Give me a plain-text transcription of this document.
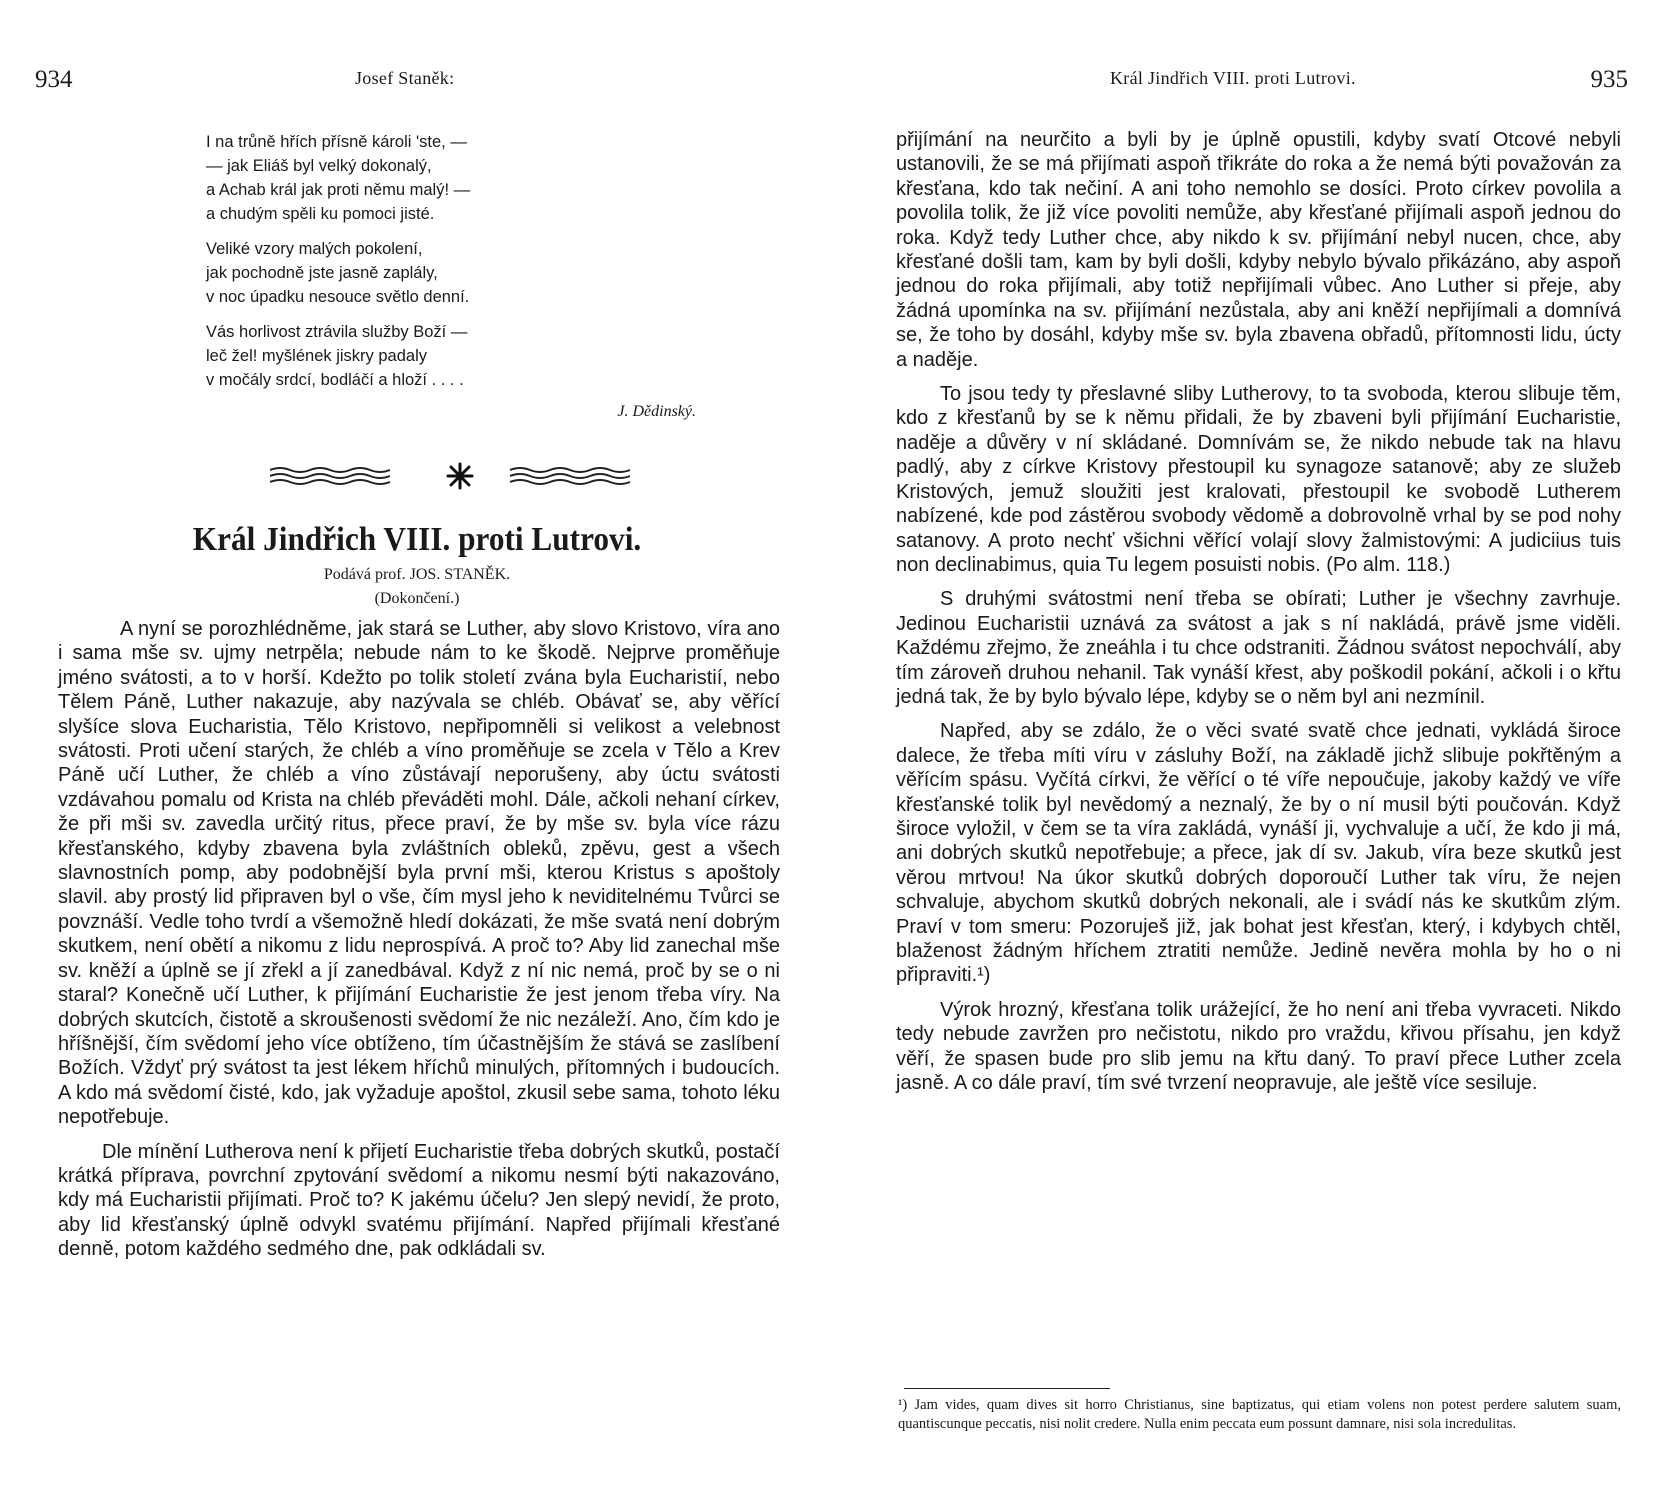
934	Josef Staněk:
I na trůně hřích přísně károli 'ste, —
— jak Eliáš byl velký dokonalý,
a Achab král jak proti němu malý! —
a chudým spěli ku pomoci jisté.
Veliké vzory malých pokolení,
jak pochodně jste jasně zaplály,
v noc úpadku nesouce světlo denní.
Vás horlivost ztrávila služby Boží —
leč žel! myšlének jiskry padaly
v močály srdcí, bodláčí a hloží . . . .
J. Dědinský.
Král Jindřich VIII. proti Lutrovi.
Podává prof. JOS. STANĚK.
(Dokončení.)

A nyní se porozhlédněme, jak stará se Luther, aby slovo Kristovo, víra ano i sama mše sv. ujmy netrpěla; nebude nám to ke škodě. Nejprve proměňuje jméno svátosti, a to v horší. Kdežto po tolik století zvána byla Eucharistií, nebo Tělem Páně, Luther nakazuje, aby nazývala se chléb. Obávať se, aby věřící slyšíce slova Eucharistia, Tělo Kristovo, nepřipomněli si velikost a velebnost svátosti. Proti učení starých, že chléb a víno proměňuje se zcela v Tělo a Krev Páně učí Luther, že chléb a víno zůstávají neporušeny, aby úctu svátosti vzdávahou pomalu od Krista na chléb převáděti mohl. Dále, ačkoli nehaní církev, že při mši sv. zavedla určitý ritus, přece praví, že by mše sv. byla více rázu křesťanského, kdyby zbavena byla zvláštních obleků, zpěvu, gest a všech slavnostních pomp, aby podobnější byla první mši, kterou Kristus s apoštoly slavil. aby prostý lid připraven byl o vše, čím mysl jeho k neviditelnému Tvůrci se povznáší. Vedle toho tvrdí a všemožně hledí dokázati, že mše svatá není dobrým skutkem, není obětí a nikomu z lidu neprospívá. A proč to? Aby lid zanechal mše sv. kněží a úplně se jí zřekl a jí zanedbával. Když z ní nic nemá, proč by se o ni staral? Konečně učí Luther, k přijímání Eucharistie že jest jenom třeba víry. Na dobrých skutcích, čistotě a skroušenosti svědomí že nic nezáleží. Ano, čím kdo je hříšnější, čím svědomí jeho více obtíženo, tím účastnějším že stává se zaslíbení Božích. Vždyť prý svátost ta jest lékem hříchů minulých, přítomných i budoucích. A kdo má svědomí čisté, kdo, jak vyžaduje apoštol, zkusil sebe sama, tohoto léku nepotřebuje.

Dle mínění Lutherova není k přijetí Eucharistie třeba dobrých skutků, postačí krátká příprava, povrchní zpytování svědomí a nikomu nesmí býti nakazováno, kdy má Eucharistii přijímati. Proč to? K jakému účelu? Jen slepý nevidí, že proto, aby lid křesťanský úplně odvykl svatému přijímání. Napřed přijímali křesťané denně, potom každého sedmého dne, pak odkládali sv.

Král Jindřich VIII. proti Lutrovi.	935

přijímání na neurčito a byli by je úplně opustili, kdyby svatí Otcové nebyli ustanovili, že se má přijímati aspoň třikráte do roka a že nemá býti považován za křesťana, kdo tak nečiní. A ani toho nemohlo se dosíci. Proto církev povolila a povolila tolik, že již více povoliti nemůže, aby křesťané přijímali aspoň jednou do roka. Když tedy Luther chce, aby nikdo k sv. přijímání nebyl nucen, chce, aby křesťané došli tam, kam by byli došli, kdyby nebylo bývalo přikázáno, aby aspoň jednou do roka přijímali, aby totiž nepřijímali vůbec. Ano Luther si přeje, aby žádná upomínka na sv. přijímání nezůstala, aby ani kněží nepřijímali a domnívá se, že toho by dosáhl, kdyby mše sv. byla zbavena obřadů, přítomnosti lidu, úcty a naděje.

To jsou tedy ty přeslavné sliby Lutherovy, to ta svoboda, kterou slibuje těm, kdo z křesťanů by se k němu přidali, že by zbaveni byli přijímání Eucharistie, naděje a důvěry v ní skládané. Domnívám se, že nikdo nebude tak na hlavu padlý, aby z církve Kristovy přestoupil ku synagoze satanově; aby ze služeb Kristových, jemuž sloužiti jest kralovati, přestoupil ke svobodě Lutherem nabízené, kde pod zástěrou svobody vědomě a dobrovolně vrhal by se pod nohy satanovy. A proto nechť všichni věřící volají slovy žalmistovými: A judiciius tuis non declinabimus, quia Tu legem posuisti nobis. (Po alm. 118.)

S druhými svátostmi není třeba se obírati; Luther je všechny zavrhuje. Jedinou Eucharistii uznává za svátost a jak s ní nakládá, právě jsme viděli. Každému zřejmo, že zneáhla i tu chce odstraniti. Žádnou svátost nepochválí, aby tím zároveň druhou nehanil. Tak vynáší křest, aby poškodil pokání, ačkoli i o křtu jedná tak, že by bylo bývalo lépe, kdyby se o něm byl ani nezmínil.

Napřed, aby se zdálo, že o věci svaté svatě chce jednati, vykládá široce dalece, že třeba míti víru v zásluhy Boží, na základě jichž slibuje pokřtěným a věřícím spásu. Vyčítá církvi, že věřící o té víře nepoučuje, jakoby každý ve víře křesťanské tolik byl nevědomý a neznalý, že by o ní musil býti poučován. Když široce vyložil, v čem se ta víra zakládá, vynáší ji, vychvaluje a učí, že kdo ji má, ani dobrých skutků nepotřebuje; a přece, jak dí sv. Jakub, víra beze skutků jest věrou mrtvou! Na úkor skutků dobrých doporoučí Luther tak víru, že nejen schvaluje, abychom skutků dobrých nekonali, ale i svádí nás ke skutkům zlým. Praví v tom smeru: Pozoruješ již, jak bohat jest křesťan, který, i kdybych chtěl, blaženost žádným hříchem ztratiti nemůže. Jedině nevěra mohla by ho o ni připraviti.¹)

Výrok hrozný, křesťana tolik urážející, že ho není ani třeba vyvraceti. Nikdo tedy nebude zavržen pro nečistotu, nikdo pro vraždu, křivou přísahu, jen když věří, že spasen bude pro slib jemu na křtu daný. To praví přece Luther zcela jasně. A co dále praví, tím své tvrzení neopravuje, ale ještě více sesiluje.

¹) Jam vides, quam dives sit horro Christianus, sine baptizatus, qui etiam volens non potest perdere salutem suam, quantiscunque peccatis, nisi nolit credere. Nulla enim peccata eum possunt damnare, nisi sola incredulitas.
